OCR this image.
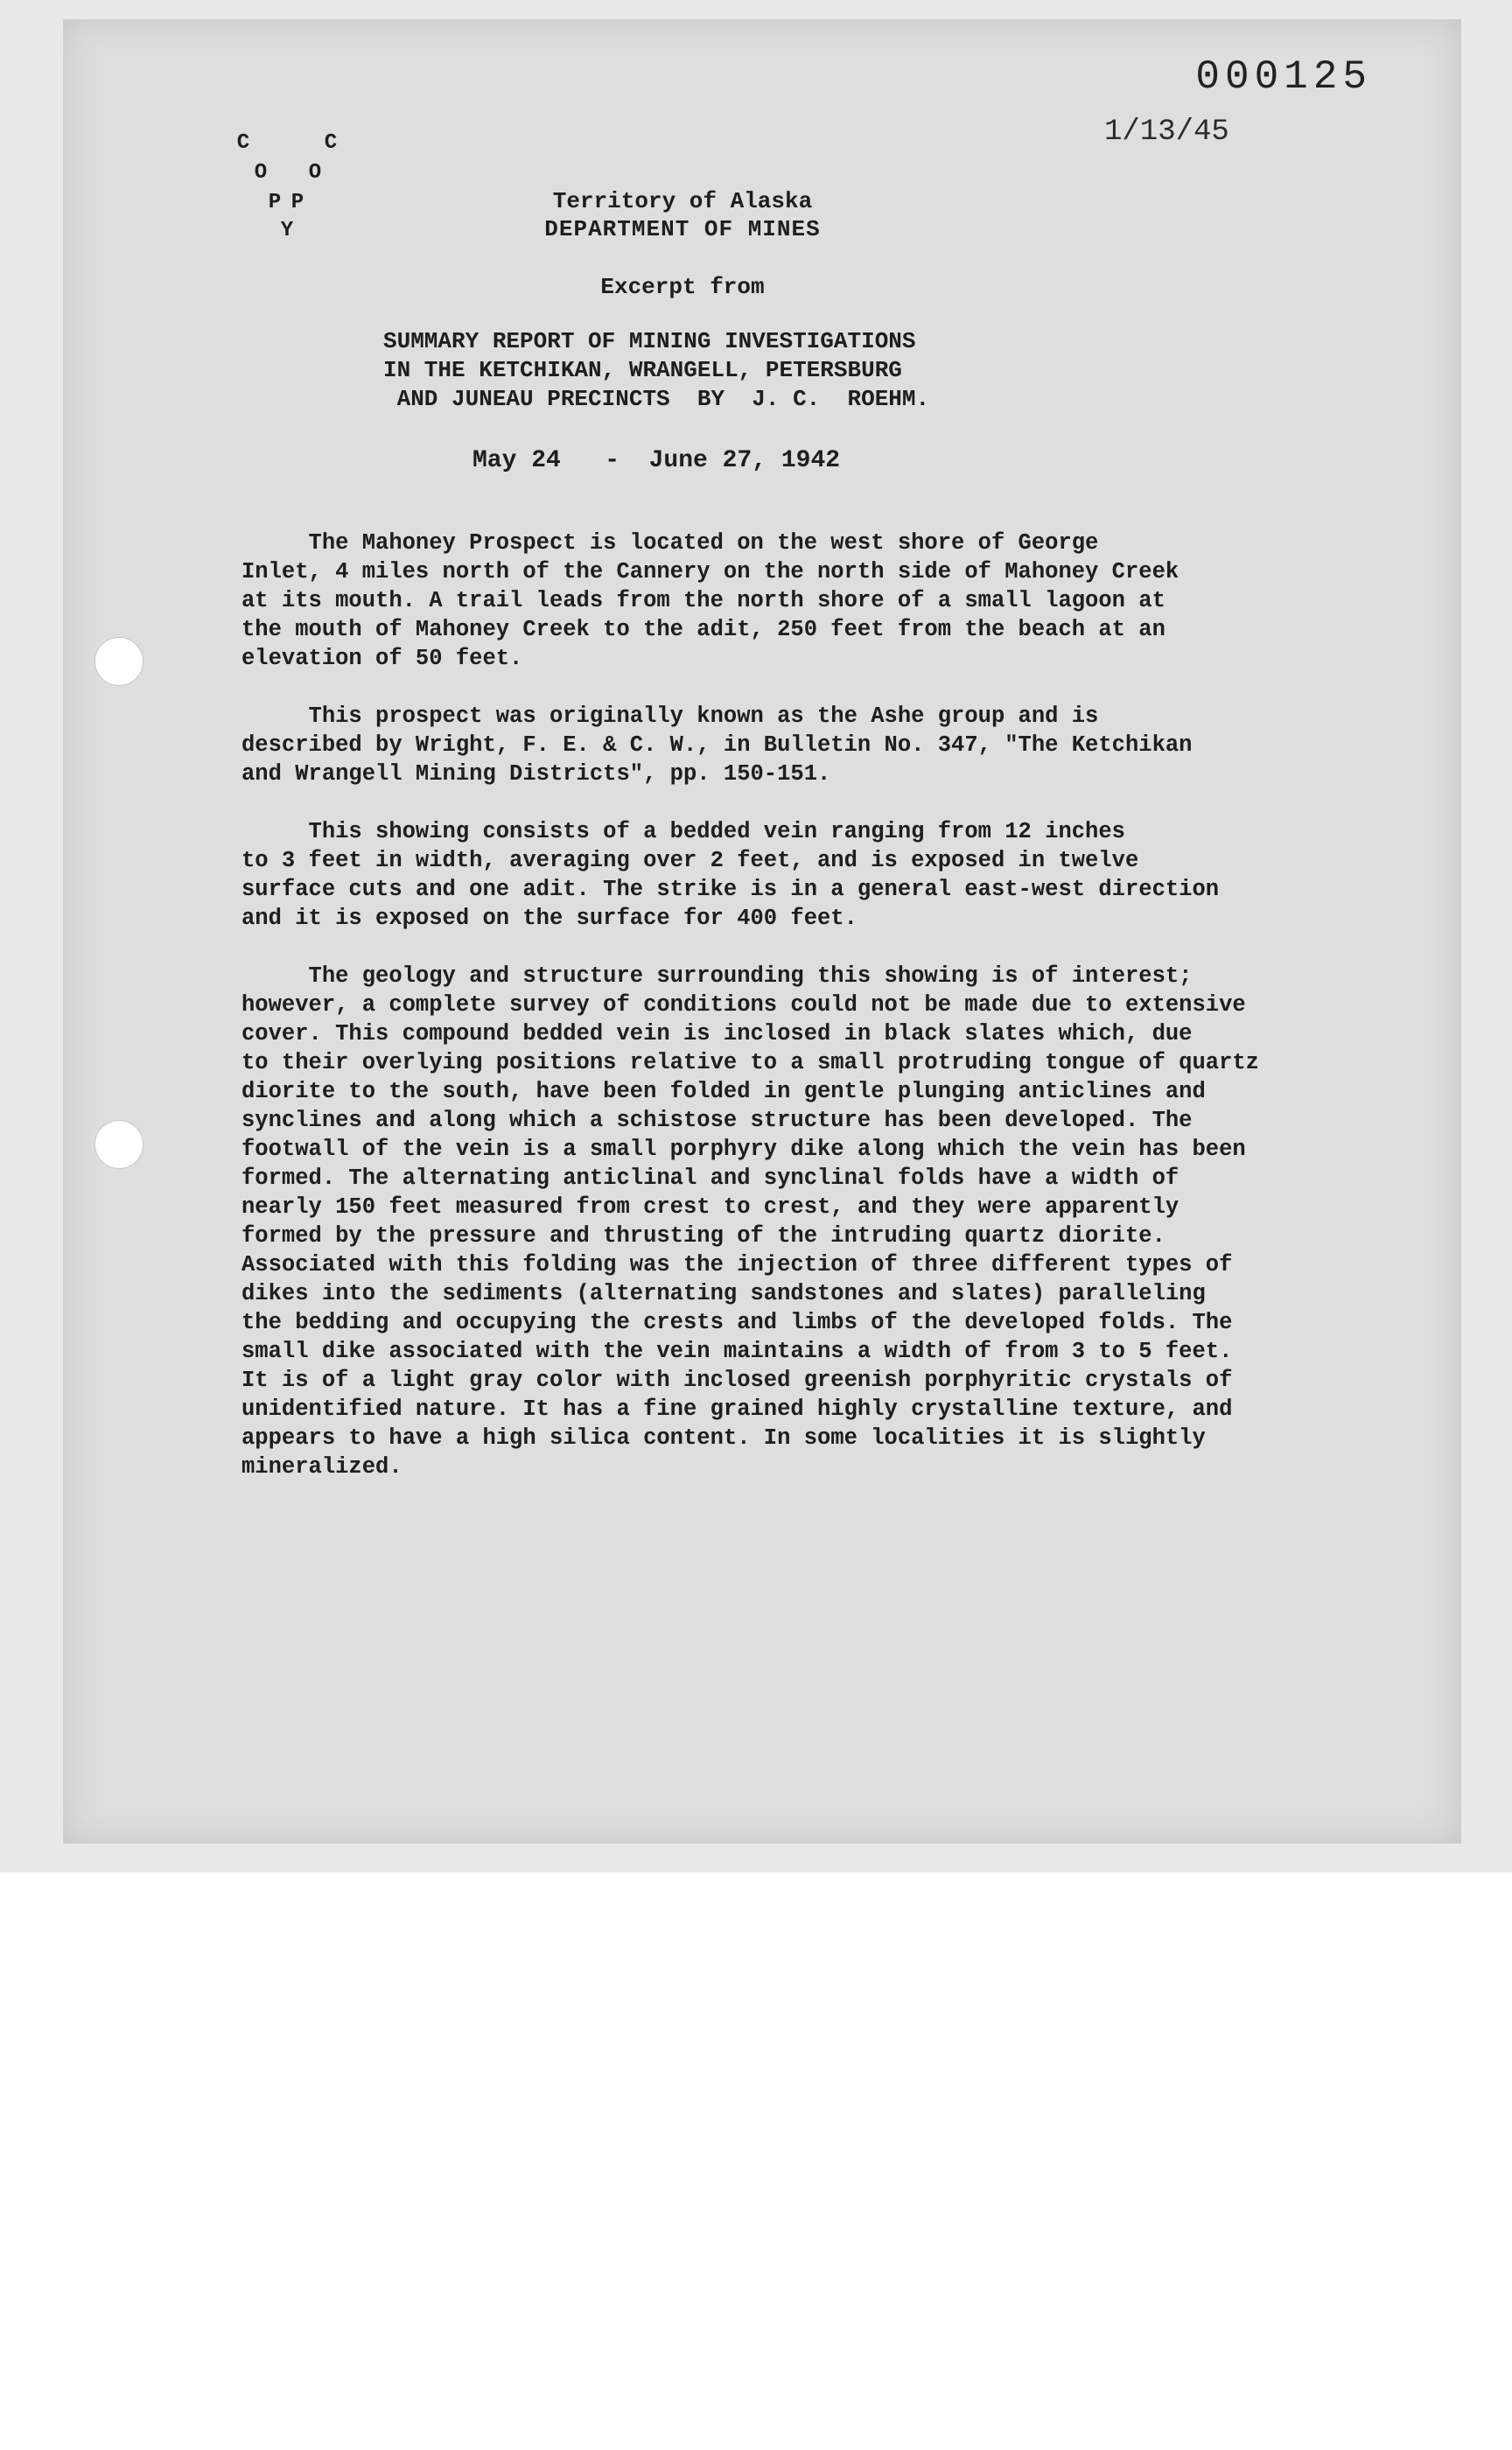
000125
1/13/45
C	C
O O
P P
Y
Territory of Alaska
DEPARTMENT OF MINES
Excerpt from
SUMMARY REPORT OF MINING INVESTIGATIONS
IN THE KETCHIKAN, WRANGELL, PETERSBURG
AND JUNEAU PRECINCTS  BY  J. C.  ROEHM.
May 24   -  June 27, 1942
The Mahoney Prospect is located on the west shore of George
Inlet, 4 miles north of the Cannery on the north side of Mahoney Creek
at its mouth. A trail leads from the north shore of a small lagoon at
the mouth of Mahoney Creek to the adit, 250 feet from the beach at an
elevation of 50 feet.
This prospect was originally known as the Ashe group and is
described by Wright, F. E. & C. W., in Bulletin No. 347, "The Ketchikan
and Wrangell Mining Districts", pp. 150-151.
This showing consists of a bedded vein ranging from 12 inches
to 3 feet in width, averaging over 2 feet, and is exposed in twelve
surface cuts and one adit. The strike is in a general east-west direction
and it is exposed on the surface for 400 feet.
The geology and structure surrounding this showing is of interest;
however, a complete survey of conditions could not be made due to extensive
cover. This compound bedded vein is inclosed in black slates which, due
to their overlying positions relative to a small protruding tongue of quartz
diorite to the south, have been folded in gentle plunging anticlines and
synclines and along which a schistose structure has been developed. The
footwall of the vein is a small porphyry dike along which the vein has been
formed. The alternating anticlinal and synclinal folds have a width of
nearly 150 feet measured from crest to crest, and they were apparently
formed by the pressure and thrusting of the intruding quartz diorite.
Associated with this folding was the injection of three different types of
dikes into the sediments (alternating sandstones and slates) paralleling
the bedding and occupying the crests and limbs of the developed folds. The
small dike associated with the vein maintains a width of from 3 to 5 feet.
It is of a light gray color with inclosed greenish porphyritic crystals of
unidentified nature. It has a fine grained highly crystalline texture, and
appears to have a high silica content. In some localities it is slightly
mineralized.
